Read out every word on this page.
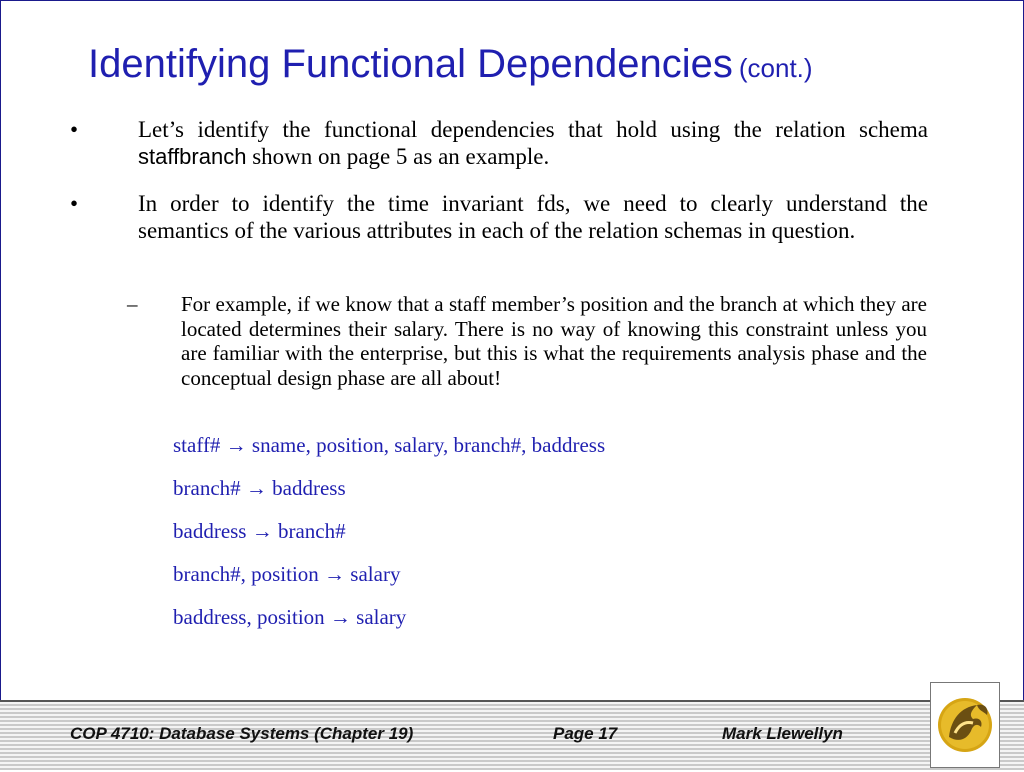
Identifying Functional Dependencies (cont.)
•	Let’s identify the functional dependencies that hold using the relation schema staffbranch shown on page 5 as an example.
•	In order to identify the time invariant fds, we need to clearly understand the semantics of the various attributes in each of the relation schemas in question.
– For example, if we know that a staff member’s position and the branch at which they are located determines their salary. There is no way of knowing this constraint unless you are familiar with the enterprise, but this is what the requirements analysis phase and the conceptual design phase are all about!
staff# → sname, position, salary, branch#, baddress
branch# → baddress
baddress → branch#
branch#, position → salary
baddress, position → salary
COP 4710: Database Systems (Chapter 19)	Page 17	Mark Llewellyn
